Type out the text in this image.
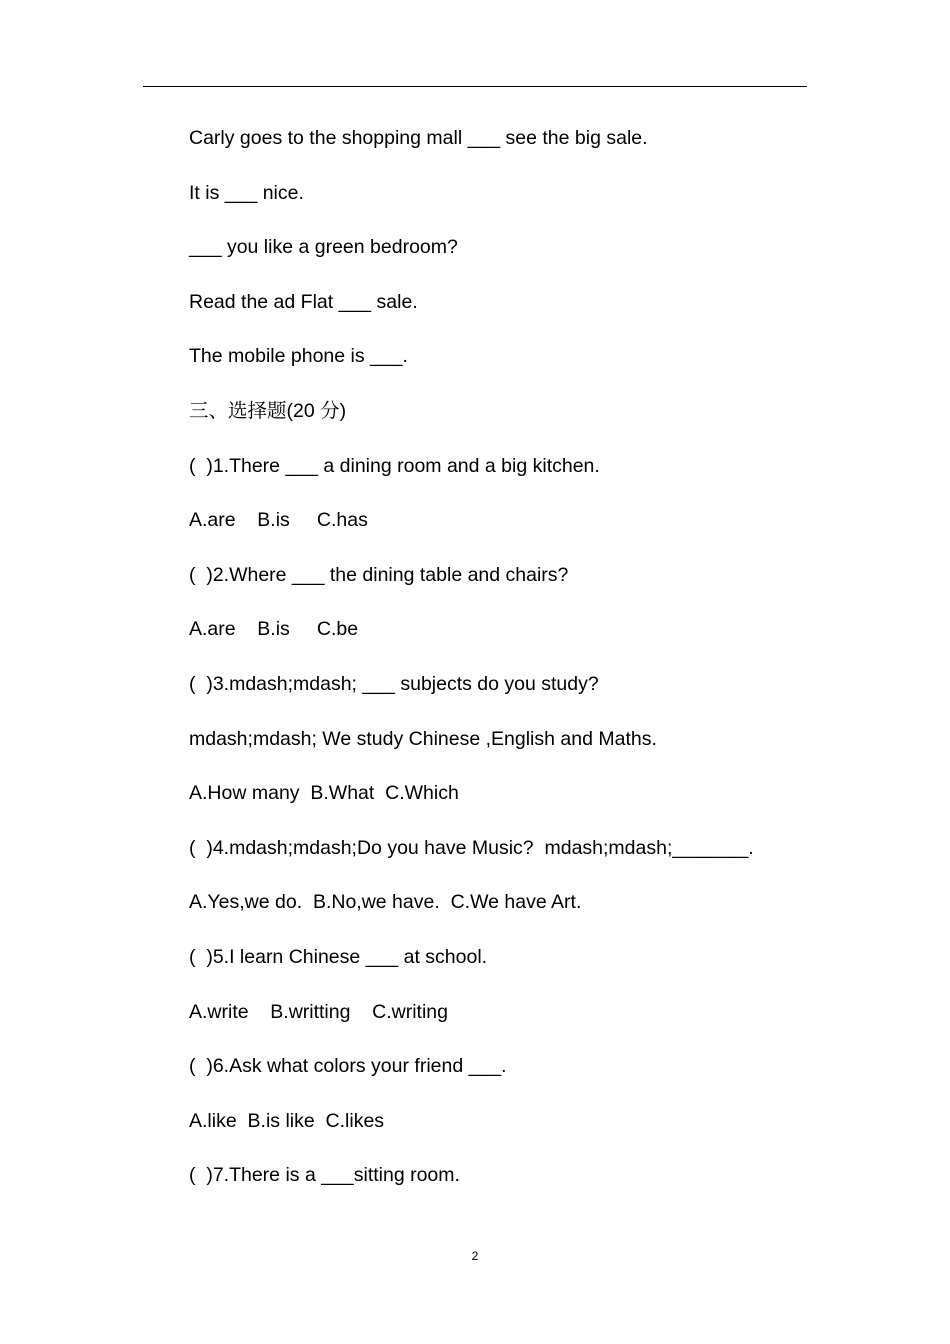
Carly goes to the shopping mall ___ see the big sale.
It is ___ nice.
___ you like a green bedroom?
Read the ad Flat ___ sale.
The mobile phone is ___.
三、选择题(20 分)
(  )1.There ___ a dining room and a big kitchen.
A.are    B.is     C.has
(  )2.Where ___ the dining table and chairs?
A.are    B.is     C.be
(  )3.mdash;mdash; ___ subjects do you study?
mdash;mdash; We study Chinese ,English and Maths.
A.How many  B.What  C.Which
(  )4.mdash;mdash;Do you have Music?  mdash;mdash;_______.
A.Yes,we do.  B.No,we have.  C.We have Art.
(  )5.I learn Chinese ___ at school.
A.write    B.writting    C.writing
(  )6.Ask what colors your friend ___.
A.like  B.is like  C.likes
(  )7.There is a ___sitting room.
2
